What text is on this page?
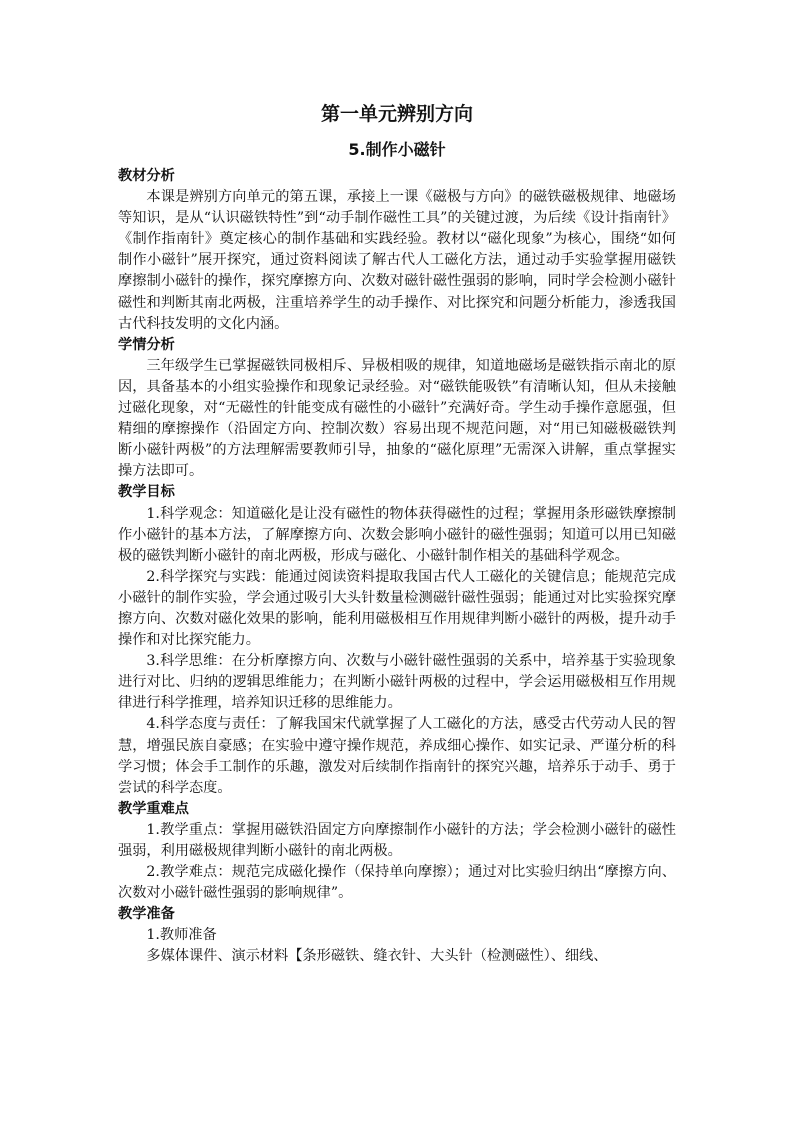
第一单元辨别方向
5.制作小磁针
教材分析

本课是辨别方向单元的第五课，承接上一课《磁极与方向》的磁铁磁极规律、地磁场等知识，是从“认识磁铁特性”到“动手制作磁性工具”的关键过渡，为后续《设计指南针》《制作指南针》奠定核心的制作基础和实践经验。教材以“磁化现象”为核心，围绕“如何制作小磁针”展开探究，通过资料阅读了解古代人工磁化方法，通过动手实验掌握用磁铁摩擦制小磁针的操作，探究摩擦方向、次数对磁针磁性强弱的影响，同时学会检测小磁针磁性和判断其南北两极，注重培养学生的动手操作、对比探究和问题分析能力，渗透我国古代科技发明的文化内涵。

学情分析

三年级学生已掌握磁铁同极相斥、异极相吸的规律，知道地磁场是磁铁指示南北的原因，具备基本的小组实验操作和现象记录经验。对“磁铁能吸铁”有清晰认知，但从未接触过磁化现象，对“无磁性的针能变成有磁性的小磁针”充满好奇。学生动手操作意愿强，但精细的摩擦操作（沿固定方向、控制次数）容易出现不规范问题，对“用已知磁极磁铁判断小磁针两极”的方法理解需要教师引导，抽象的“磁化原理”无需深入讲解，重点掌握实操方法即可。

教学目标

1.科学观念：知道磁化是让没有磁性的物体获得磁性的过程；掌握用条形磁铁摩擦制作小磁针的基本方法，了解摩擦方向、次数会影响小磁针的磁性强弱；知道可以用已知磁极的磁铁判断小磁针的南北两极，形成与磁化、小磁针制作相关的基础科学观念。

2.科学探究与实践：能通过阅读资料提取我国古代人工磁化的关键信息；能规范完成小磁针的制作实验，学会通过吸引大头针数量检测磁针磁性强弱；能通过对比实验探究摩擦方向、次数对磁化效果的影响，能利用磁极相互作用规律判断小磁针的两极，提升动手操作和对比探究能力。

3.科学思维：在分析摩擦方向、次数与小磁针磁性强弱的关系中，培养基于实验现象进行对比、归纳的逻辑思维能力；在判断小磁针两极的过程中，学会运用磁极相互作用规律进行科学推理，培养知识迁移的思维能力。

4.科学态度与责任：了解我国宋代就掌握了人工磁化的方法，感受古代劳动人民的智慧，增强民族自豪感；在实验中遵守操作规范，养成细心操作、如实记录、严谨分析的科学习惯；体会手工制作的乐趣，激发对后续制作指南针的探究兴趣，培养乐于动手、勇于尝试的科学态度。

教学重难点

1.教学重点：掌握用磁铁沿固定方向摩擦制作小磁针的方法；学会检测小磁针的磁性强弱，利用磁极规律判断小磁针的南北两极。

2.教学难点：规范完成磁化操作（保持单向摩擦）；通过对比实验归纳出“摩擦方向、次数对小磁针磁性强弱的影响规律”。

教学准备

1.教师准备

多媒体课件、演示材料【条形磁铁、缝衣针、大头针（检测磁性）、细线、
